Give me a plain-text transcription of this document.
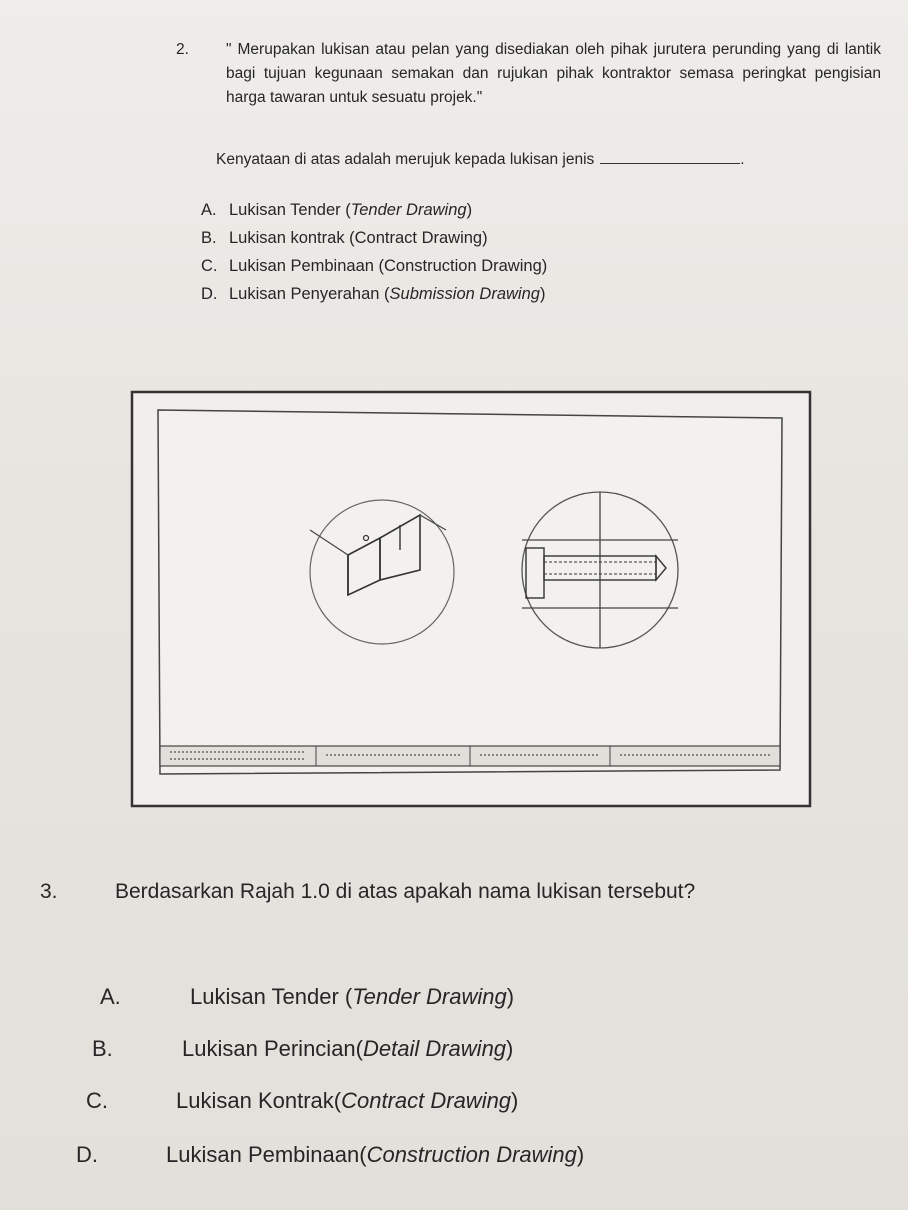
2. " Merupakan lukisan atau pelan yang disediakan oleh pihak jurutera perunding yang di lantik bagi tujuan kegunaan semakan dan rujukan pihak kontraktor semasa peringkat pengisian harga tawaran untuk sesuatu projek."
Kenyataan di atas adalah merujuk kepada lukisan jenis	.
A. Lukisan Tender (Tender Drawing)
B. Lukisan kontrak (Contract Drawing)
C. Lukisan Pembinaan (Construction Drawing)
D. Lukisan Penyerahan (Submission Drawing)
3.	Berdasarkan Rajah 1.0 di atas apakah nama lukisan tersebut?
A.	Lukisan Tender (Tender Drawing)
B.	Lukisan Perincian(Detail Drawing)
C.	Lukisan Kontrak(Contract Drawing)
D.	Lukisan Pembinaan(Construction Drawing)
